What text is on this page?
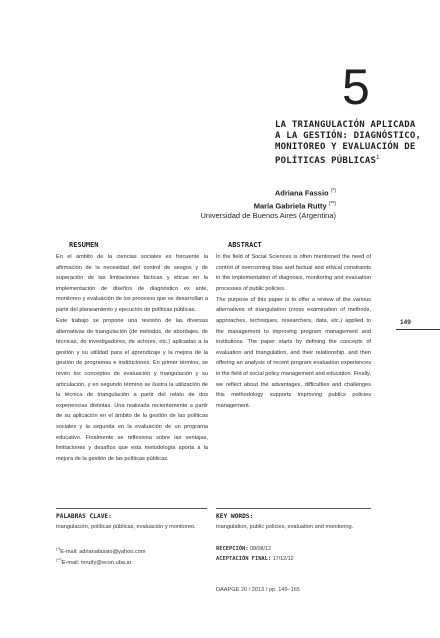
5
LA TRIANGULACIÓN APLICADA
A LA GESTIÓN: DIAGNÓSTICO,
MONITOREO Y EVALUACIÓN DE
POLÍTICAS PÚBLICAS$^1$
Adriana Fassio (*)
María Gabriela Rutty (**)
Universidad de Buenos Aires (Argentina)
RESUMEN

En el ámbito de la ciencias sociales es frecuente la afirmación de la necesidad del control de sesgos y de superación de las limitaciones fácticas y éticas en la implementación de diseños de diagnóstico ex ante, monitoreo y evaluación de los procesos que se desarrollan a partir del planeamiento y ejecución de políticas públicas.

Este trabajo se propone una revisión de las diversas alternativas de triangulación (de métodos, de abordajes, de técnicas, de investigadores, de actores, etc.) aplicadas a la gestión y su utilidad para el aprendizaje y la mejora de la gestión de programas e instituciones. En primer término, se revén los conceptos de evaluación y triangulación y su articulación, y en segundo término se ilustra la utilización de la técnica de triangulación a partir del relato de dos experiencias distintas. Una realizada recientemente a partir de su aplicación en el ámbito de la gestión de las políticas sociales y la segunda en la evaluación de un programa educativo. Finalmente se reflexiona sobre las ventajas, limitaciones y desafíos que esta metodología aporta a la mejora de la gestión de las políticas públicas.

ABSTRACT

In the field of Social Sciences is often mentioned the need of control of overcoming bias and factual and ethical constraints in the implementation of diagnosis, monitoring and evaluation processes of public policies.

The purpose of this paper is to offer a review of the various alternatives of triangulation (cross examination of methods, approaches, techniques, researchers, data, etc.) applied to the management to improving program management and institutions. The paper starts by defining the concepts of evaluation and triangulation, and their relationship. and then offering an analysis of recent program evaluation experiences in the field of social policy management and education. Finally, we reflect about the advantages, difficulties and challenges this methodology supports improving publics policies management.

149
PALABRAS CLAVE:
triangulación, políticas públicas, evaluación y monitoreo.
KEY WORDS:
triangulation, public policies, evaluation and monitoring.
(*)E-mail: adrianafassio@yahoo.com
(**)E-mail: mrutty@econ.uba.ar
RECEPCIÓN: 09/08/12
ACEPTACIÓN FINAL: 17/12/12
DAAPGE 20 / 2013 / pp. 149–165
